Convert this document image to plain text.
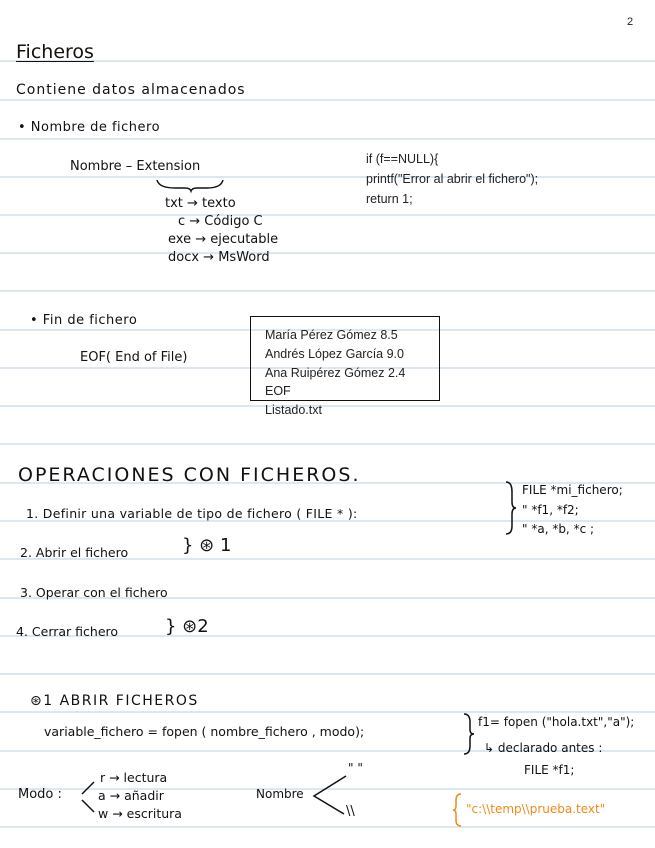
2
Ficheros
Contiene datos almacenados
• Nombre de fichero
Nombre – Extension
txt → texto
c → Código C
exe → ejecutable
docx → MsWord
if (f==NULL){
printf("Error al abrir el fichero");
return 1;
• Fin de fichero
EOF( End of File)
María Pérez Gómez 8.5
Andrés López García 9.0
Ana Ruipérez Gómez 2.4
EOF
Listado.txt
OPERACIONES CON FICHEROS.
1. Definir una variable de tipo de fichero ( FILE * ):
2. Abrir el fichero	} ⊛ 1
3. Operar con el fichero
4. Cerrar fichero	} ⊛2
FILE *mi_fichero;
" *f1, *f2;
" *a, *b, *c ;
⊛1 ABRIR FICHEROS
variable_fichero = fopen ( nombre_fichero , modo);
f1= fopen ("hola.txt","a");
↳ declarado antes :
FILE *f1;
Modo :
r → lectura
a → añadir
w → escritura
Nombre
" "
\\	"c:\\temp\\prueba.text"
